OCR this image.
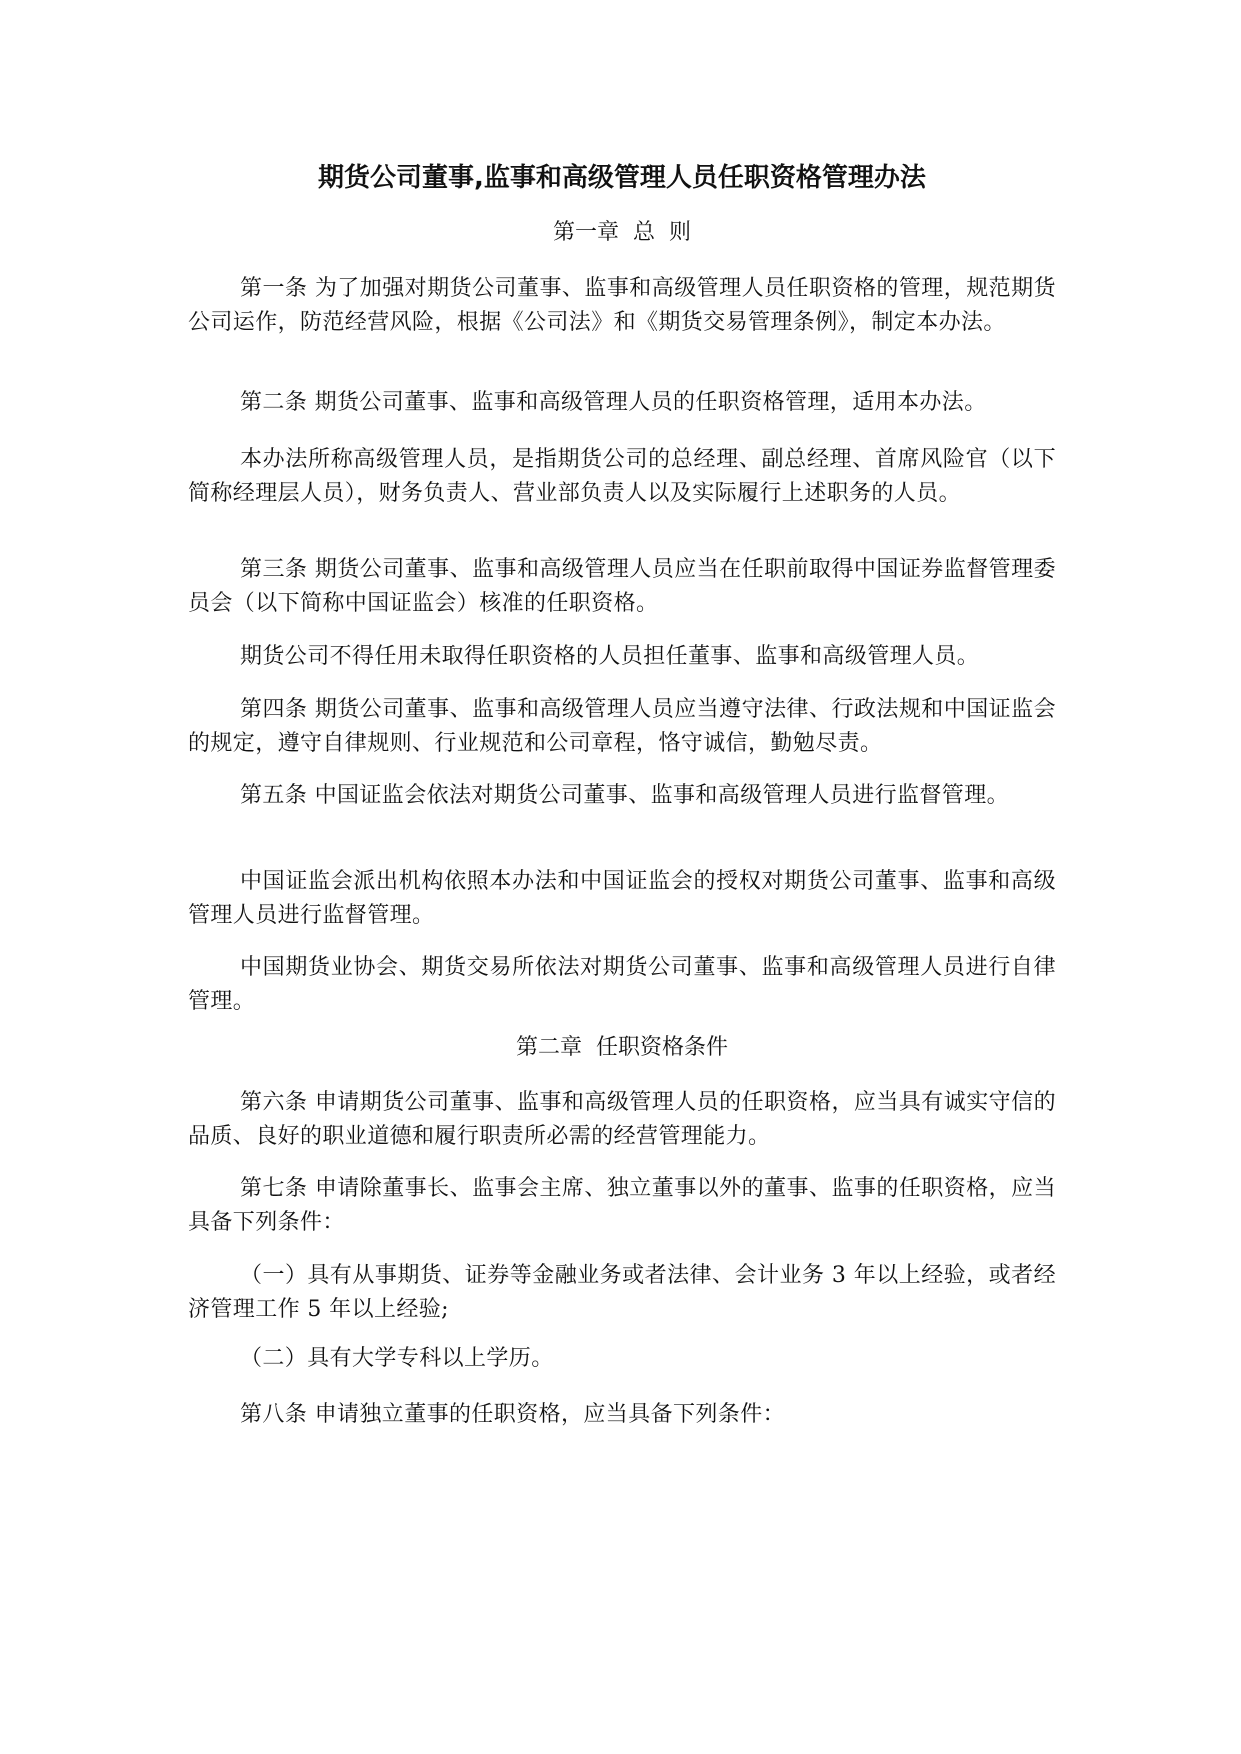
期货公司董事,监事和高级管理人员任职资格管理办法

第一章  总  则

第一条 为了加强对期货公司董事、监事和高级管理人员任职资格的管理，规范期货公司运作，防范经营风险，根据《公司法》和《期货交易管理条例》，制定本办法。

第二条 期货公司董事、监事和高级管理人员的任职资格管理，适用本办法。

本办法所称高级管理人员，是指期货公司的总经理、副总经理、首席风险官（以下简称经理层人员），财务负责人、营业部负责人以及实际履行上述职务的人员。

第三条 期货公司董事、监事和高级管理人员应当在任职前取得中国证券监督管理委员会（以下简称中国证监会）核准的任职资格。

期货公司不得任用未取得任职资格的人员担任董事、监事和高级管理人员。

第四条 期货公司董事、监事和高级管理人员应当遵守法律、行政法规和中国证监会的规定，遵守自律规则、行业规范和公司章程，恪守诚信，勤勉尽责。

第五条 中国证监会依法对期货公司董事、监事和高级管理人员进行监督管理。

中国证监会派出机构依照本办法和中国证监会的授权对期货公司董事、监事和高级管理人员进行监督管理。

中国期货业协会、期货交易所依法对期货公司董事、监事和高级管理人员进行自律管理。

第二章  任职资格条件

第六条 申请期货公司董事、监事和高级管理人员的任职资格，应当具有诚实守信的品质、良好的职业道德和履行职责所必需的经营管理能力。

第七条 申请除董事长、监事会主席、独立董事以外的董事、监事的任职资格，应当具备下列条件：

（一）具有从事期货、证券等金融业务或者法律、会计业务 3 年以上经验，或者经济管理工作 5 年以上经验;

（二）具有大学专科以上学历。

第八条 申请独立董事的任职资格，应当具备下列条件：
